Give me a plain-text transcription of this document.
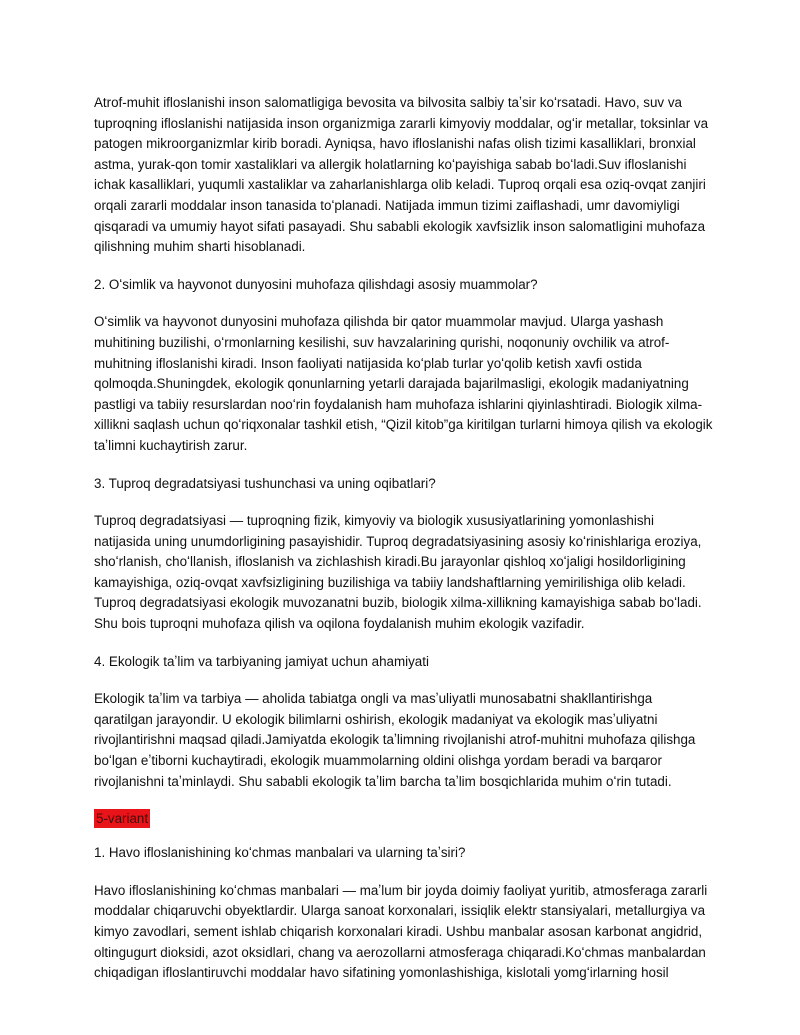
Atrof-muhit ifloslanishi inson salomatligiga bevosita va bilvosita salbiy taʼsir koʻrsatadi. Havo, suv va tuproqning ifloslanishi natijasida inson organizmiga zararli kimyoviy moddalar, ogʻir metallar, toksinlar va patogen mikroorganizmlar kirib boradi. Ayniqsa, havo ifloslanishi nafas olish tizimi kasalliklari, bronxial astma, yurak-qon tomir xastaliklari va allergik holatlarning koʻpayishiga sabab boʻladi.Suv ifloslanishi ichak kasalliklari, yuqumli xastaliklar va zaharlanishlarga olib keladi. Tuproq orqali esa oziq-ovqat zanjiri orqali zararli moddalar inson tanasida toʻplanadi. Natijada immun tizimi zaiflashadi, umr davomiyligi qisqaradi va umumiy hayot sifati pasayadi. Shu sababli ekologik xavfsizlik inson salomatligini muhofaza qilishning muhim sharti hisoblanadi.

2. Oʻsimlik va hayvonot dunyosini muhofaza qilishdagi asosiy muammolar?

Oʻsimlik va hayvonot dunyosini muhofaza qilishda bir qator muammolar mavjud. Ularga yashash muhitining buzilishi, oʻrmonlarning kesilishi, suv havzalarining qurishi, noqonuniy ovchilik va atrof-muhitning ifloslanishi kiradi. Inson faoliyati natijasida koʻplab turlar yoʻqolib ketish xavfi ostida qolmoqda.Shuningdek, ekologik qonunlarning yetarli darajada bajarilmasligi, ekologik madaniyatning pastligi va tabiiy resurslardan nooʻrin foydalanish ham muhofaza ishlarini qiyinlashtiradi. Biologik xilma-xillikni saqlash uchun qoʻriqxonalar tashkil etish, “Qizil kitob”ga kiritilgan turlarni himoya qilish va ekologik taʼlimni kuchaytirish zarur.

3. Tuproq degradatsiyasi tushunchasi va uning oqibatlari?

Tuproq degradatsiyasi — tuproqning fizik, kimyoviy va biologik xususiyatlarining yomonlashishi natijasida uning unumdorligining pasayishidir. Tuproq degradatsiyasining asosiy koʻrinishlariga eroziya, shoʻrlanish, choʻllanish, ifloslanish va zichlashish kiradi.Bu jarayonlar qishloq xoʻjaligi hosildorligining kamayishiga, oziq-ovqat xavfsizligining buzilishiga va tabiiy landshaftlarning yemirilishiga olib keladi. Tuproq degradatsiyasi ekologik muvozanatni buzib, biologik xilma-xillikning kamayishiga sabab boʻladi. Shu bois tuproqni muhofaza qilish va oqilona foydalanish muhim ekologik vazifadir.

4. Ekologik taʼlim va tarbiyaning jamiyat uchun ahamiyati

Ekologik taʼlim va tarbiya — aholida tabiatga ongli va masʼuliyatli munosabatni shakllantirishga qaratilgan jarayondir. U ekologik bilimlarni oshirish, ekologik madaniyat va ekologik masʼuliyatni rivojlantirishni maqsad qiladi.Jamiyatda ekologik taʼlimning rivojlanishi atrof-muhitni muhofaza qilishga boʻlgan eʼtiborni kuchaytiradi, ekologik muammolarning oldini olishga yordam beradi va barqaror rivojlanishni taʼminlaydi. Shu sababli ekologik taʼlim barcha taʼlim bosqichlarida muhim oʻrin tutadi.

5-variant

1. Havo ifloslanishining koʻchmas manbalari va ularning taʼsiri?

Havo ifloslanishining koʻchmas manbalari — maʼlum bir joyda doimiy faoliyat yuritib, atmosferaga zararli moddalar chiqaruvchi obyektlardir. Ularga sanoat korxonalari, issiqlik elektr stansiyalari, metallurgiya va kimyo zavodlari, sement ishlab chiqarish korxonalari kiradi. Ushbu manbalar asosan karbonat angidrid, oltingugurt dioksidi, azot oksidlari, chang va aerozollarni atmosferaga chiqaradi.Koʻchmas manbalardan chiqadigan ifloslantiruvchi moddalar havo sifatining yomonlashishiga, kislotali yomgʻirlarning hosil
